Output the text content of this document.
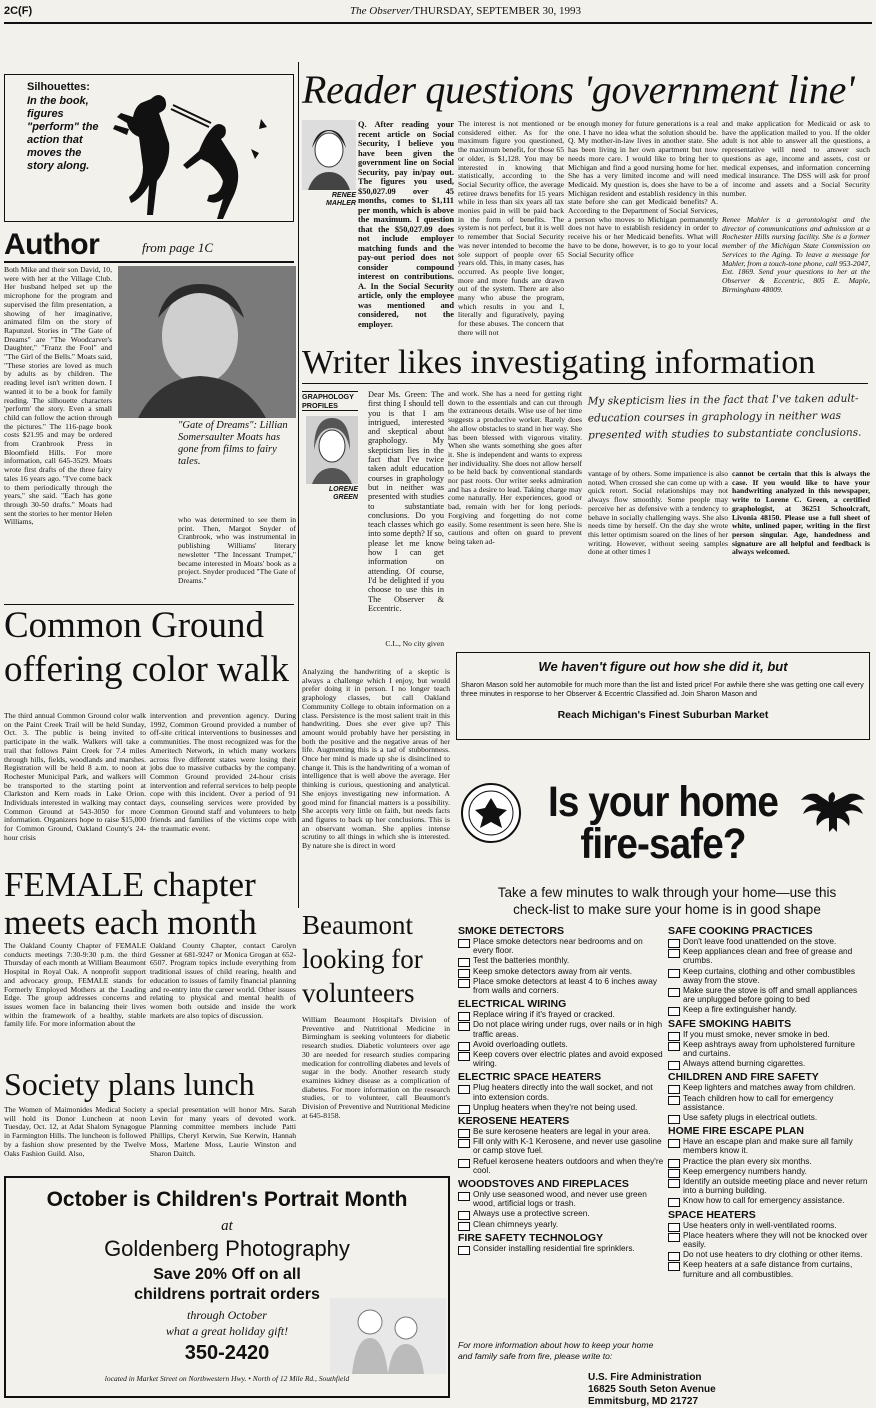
2C(F)	The Observer/THURSDAY, SEPTEMBER 30, 1993
Silhouettes:
In the book, figures "perform" the action that moves the story along.
Author	from page 1C
Both Mike and their son David, 10, were with her at the Village Club. Her husband helped set up the microphone for the program and supervised the film presentation, a showing of her imaginative, animated film on the story of Rapunzel. Stories in "The Gate of Dreams" are "The Woodcarver's Daughter," "Franz the Fool" and "The Girl of the Bells." Moats said, "These stories are loved as much by adults as by children. The reading level isn't written down. I wanted it to be a book for family reading. The silhouette characters 'perform' the story. Even a small child can follow the action through the pictures." The 116-page book costs $21.95 and may be ordered from Cranbrook Press in Bloomfield Hills. For more information, call 645-3529. Moats wrote first drafts of the three fairy tales 16 years ago. "I've come back to them periodically through the years," she said. "Each has gone through 30-50 drafts." Moats had sent the stories to her mentor Helen Williams,
"Gate of Dreams": Lillian Somersaulter Moats has gone from films to fairy tales.
who was determined to see them in print. Then, Margot Snyder of Cranbrook, who was instrumental in publishing Williams' literary newsletter "The Incessant Trumpet," became interested in Moats' book as a project. Snyder produced "The Gate of Dreams."
Reader questions 'government line'
RENEE MAHLER
Q. After reading your recent article on Social Security, I believe you have been given the government line on Social Security, pay in/pay out. The figures you used, $50,027.09 over 45 months, comes to $1,111 per month, which is above the maximum. I question that the $50,027.09 does not include employer matching funds and the pay-out period does not consider compound interest on contributions. A. In the Social Security article, only the employee was mentioned and considered, not the employer.
The interest is not mentioned or considered either. As for the maximum figure you questioned, the maximum benefit, for those 65 or older, is $1,128. You may be interested in knowing that statistically, according to the Social Security office, the average retiree draws benefits for 15 years while in less than six years all tax monies paid in will be paid back in the form of benefits. The system is not perfect, but it is well to remember that Social Security was never intended to become the sole support of people over 65 years old. This, in many cases, has occurred. As people live longer, more and more funds are drawn out of the system. There are also many who abuse the program, which results in you and I, literally and figuratively, paying for these abuses. The concern that there will not
be enough money for future generations is a real one. I have no idea what the solution should be. Q. My mother-in-law lives in another state. She has been living in her own apartment but now needs more care. I would like to bring her to Michigan and find a good nursing home for her. She has a very limited income and will need Medicaid. My question is, does she have to be a Michigan resident and establish residency in this state before she can get Medicaid benefits? A. According to the Department of Social Services, a person who moves to Michigan permanently does not have to establish residency in order to receive his or her Medicaid benefits. What will have to be done, however, is to go to your local Social Security office
and make application for Medicaid or ask to have the application mailed to you. If the older adult is not able to answer all the questions, a representative will need to answer such questions as age, income and assets, cost or medical expenses, and information concerning medical insurance. The DSS will ask for proof of income and assets and a Social Security number.
Renee Mahler is a gerontologist and the director of communications and admission at a Rochester Hills nursing facility. She is a former member of the Michigan State Commission on Services to the Aging. To leave a message for Mahler, from a touch-tone phone, call 953-2047, Ext. 1869. Send your questions to her at the Observer & Eccentric, 805 E. Maple, Birmingham 48009.
Writer likes investigating information
GRAPHOLOGY
PROFILES
LORENE GREEN
Dear Ms. Green: The first thing I should tell you is that I am intrigued, interested and skeptical about graphology. My skepticism lies in the fact that I've twice taken adult education courses in graphology but in neither was presented with studies to substantiate conclusions. Do you teach classes which go into some depth? If so, please let me know how I can get information on attending. Of course, I'd be delighted if you choose to use this in The Observer & Eccentric.
C.L., No city given
and work. She has a need for getting right down to the essentials and can cut through the extraneous details. Wise use of her time suggests a productive worker. Rarely does she allow obstacles to stand in her way. She has been blessed with vigorous vitality. When she wants something she goes after it. She is independent and wants to express her individuality. She does not allow herself to be held back by conventional standards nor past roots. Our writer seeks admiration and has a desire to lead. Taking charge may come naturally. Her experiences, good or bad, remain with her for long periods. Forgiving and forgetting do not come easily. Some resentment is seen here. She is cautious and often on guard to prevent being taken ad-
My skepticism lies in the fact that I've taken adult-education courses in graphology in neither was presented with studies to substantiate conclusions.
vantage of by others. Some impatience is also noted. When crossed she can come up with a quick retort. Social relationships may not always flow smoothly. Some people may perceive her as defensive with a tendency to behave in socially challenging ways. She also needs time by herself. On the day she wrote this letter optimism soared on the lines of her writing. However, without seeing samples done at other times I
cannot be certain that this is always the case. If you would like to have your handwriting analyzed in this newspaper, write to Lorene C. Green, a certified graphologist, at 36251 Schoolcraft, Livonia 48150. Please use a full sheet of white, unlined paper, writing in the first person singular. Age, handedness and signature are all helpful and feedback is always welcomed.
Analyzing the handwriting of a skeptic is always a challenge which I enjoy, but would prefer doing it in person. I no longer teach graphology classes, but call Oakland Community College to obtain information on a class. Persistence is the most salient trait in this handwriting. Does she ever give up? This amount would probably have her persisting in both the positive and the negative areas of her life. Augmenting this is a tad of stubbornness. Once her mind is made up she is disinclined to change it. This is the handwriting of a woman of intelligence that is well above the average. Her thinking is curious, questioning and analytical. She enjoys investigating new information. A good mind for financial matters is a possibility. She accepts very little on faith, but needs facts and figures to back up her conclusions. This is an observant woman. She applies intense scrutiny to all things in which she is interested. By nature she is direct in word
Common Ground
offering color walk
The third annual Common Ground color walk on the Paint Creek Trail will be held Sunday, Oct. 3. The public is being invited to participate in the walk. Walkers will take a trail that follows Paint Creek for 7.4 miles through hills, fields, woodlands and marshes. Registration will be held 8 a.m. to noon at Rochester Municipal Park, and walkers will be transported to the starting point at Clarkston and Kern roads in Lake Orion. Individuals interested in walking may contact Common Ground at 543-3050 for more information. Organizers hope to raise $15,000 for Common Ground, Oakland County's 24-hour crisis
intervention and prevention agency. During 1992, Common Ground provided a number of off-site critical interventions to businesses and communities. The most recognized was for the Ameritech Network, in which many workers across five different states were losing their jobs due to massive cutbacks by the company. Common Ground provided 24-hour crisis intervention and referral services to help people cope with this incident. Over a period of 91 days, counseling services were provided by Common Ground staff and volunteers to help friends and families of the victims cope with the traumatic event.
FEMALE chapter
meets each month
The Oakland County Chapter of FEMALE conducts meetings 7:30-9:30 p.m. the third Thursday of each month at William Beaumont Hospital in Royal Oak. A nonprofit support and advocacy group, FEMALE stands for Formerly Employed Mothers at the Leading Edge. The group addresses concerns and issues women face in balancing their lives within the framework of a healthy, stable family life. For more information about the
Oakland County Chapter, contact Carolyn Gessner at 681-9247 or Monica Grogan at 652-6507. Program topics include everything from traditional issues of child rearing, health and education to issues of family financial planning and re-entry into the career world. Other issues relating to physical and mental health of women both outside and inside the work markets are also topics of discussion.
Society plans lunch
The Women of Maimonides Medical Society will hold its Donor Luncheon at noon Tuesday, Oct. 12, at Adat Shalom Synagogue in Farmington Hills. The luncheon is followed by a fashion show presented by the Twelve Oaks Fashion Guild. Also,
a special presentation will honor Mrs. Sarah Levin for many years of devoted work. Planning committee members include Patti Phillips, Cheryl Kerwin, Sue Kerwin, Hannah Moss, Marlene Moss, Laurie Winston and Sharon Daitch.
Beaumont
looking for
volunteers
William Beaumont Hospital's Division of Preventive and Nutritional Medicine in Birmingham is seeking volunteers for diabetic research studies. Diabetic volunteers over age 30 are needed for research studies comparing medication for controlling diabetes and levels of sugar in the body. Another research study examines kidney disease as a complication of diabetes. For more information on the research studies, or to volunteer, call Beaumont's Division of Preventive and Nutritional Medicine at 645-8158.
We haven't figure out how she did it, but
Sharon Mason sold her automobile for much more than the list and listed price! For awhile there she was getting one call every three minutes in response to her Observer & Eccentric Classified ad. Join Sharon Mason and
Reach Michigan's Finest Suburban Market
Is your home
fire-safe?
Take a few minutes to walk through your home—use this check-list to make sure your home is in good shape
SMOKE DETECTORS
Place smoke detectors near bedrooms and on every floor.
Test the batteries monthly.
Keep smoke detectors away from air vents.
Place smoke detectors at least 4 to 6 inches away from walls and corners.
ELECTRICAL WIRING
Replace wiring if it's frayed or cracked.
Do not place wiring under rugs, over nails or in high traffic areas.
Avoid overloading outlets.
Keep covers over electric plates and avoid exposed wiring.
ELECTRIC SPACE HEATERS
Plug heaters directly into the wall socket, and not into extension cords.
Unplug heaters when they're not being used.
KEROSENE HEATERS
Be sure kerosene heaters are legal in your area.
Fill only with K-1 Kerosene, and never use gasoline or camp stove fuel.
Refuel kerosene heaters outdoors and when they're cool.
WOODSTOVES AND FIREPLACES
Only use seasoned wood, and never use green wood, artificial logs or trash.
Always use a protective screen.
Clean chimneys yearly.
FIRE SAFETY TECHNOLOGY
Consider installing residential fire sprinklers.
SAFE COOKING PRACTICES
Don't leave food unattended on the stove.
Keep appliances clean and free of grease and crumbs.
Keep curtains, clothing and other combustibles away from the stove.
Make sure the stove is off and small appliances are unplugged before going to bed
Keep a fire extinguisher handy.
SAFE SMOKING HABITS
If you must smoke, never smoke in bed.
Keep ashtrays away from upholstered furniture and curtains.
Always attend burning cigarettes.
CHILDREN AND FIRE SAFETY
Keep lighters and matches away from children.
Teach children how to call for emergency assistance.
Use safety plugs in electrical outlets.
HOME FIRE ESCAPE PLAN
Have an escape plan and make sure all family members know it.
Practice the plan every six months.
Keep emergency numbers handy.
Identify an outside meeting place and never return into a burning building.
Know how to call for emergency assistance.
SPACE HEATERS
Use heaters only in well-ventilated rooms.
Place heaters where they will not be knocked over easily.
Do not use heaters to dry clothing or other items.
Keep heaters at a safe distance from curtains, furniture and all combustibles.
For more information about how to keep your home and family safe from fire, please write to:
U.S. Fire Administration
16825 South Seton Avenue
Emmitsburg, MD 21727
October is Children's Portrait Month
at
Goldenberg Photography
Save 20% Off on all
childrens portrait orders
through October
what a great holiday gift!
350-2420
located in Market Street on Northwestern Hwy. • North of 12 Mile Rd., Southfield
